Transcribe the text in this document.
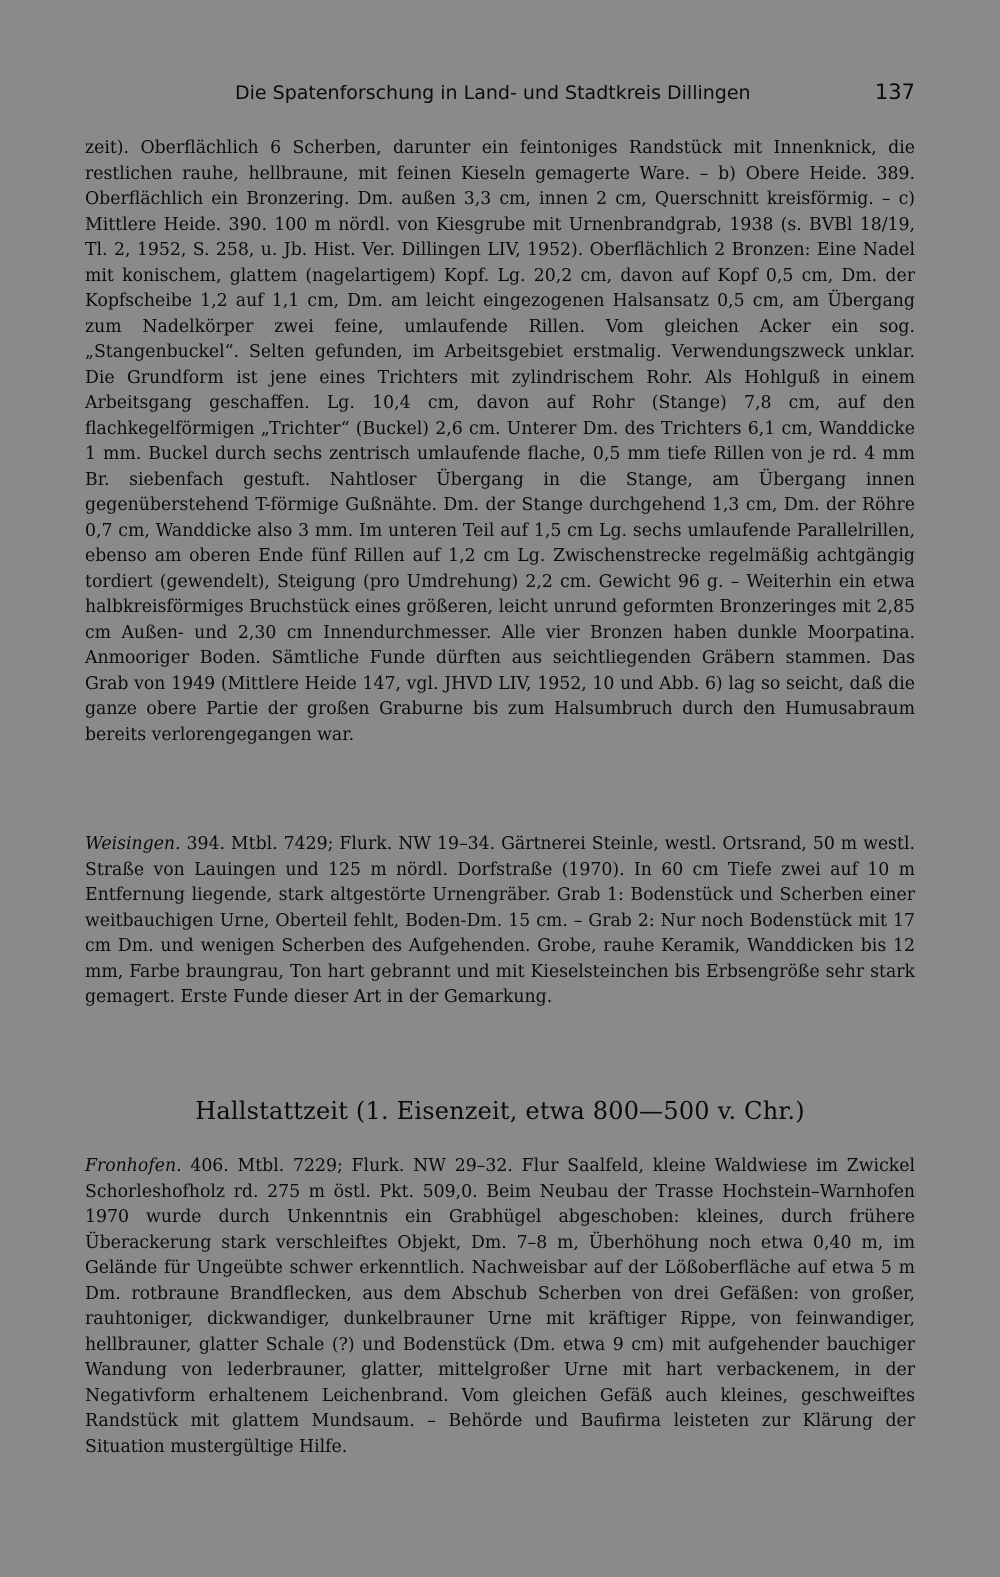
Die Spatenforschung in Land- und Stadtkreis Dillingen	137

zeit). Oberflächlich 6 Scherben, darunter ein feintoniges Randstück mit Innenknick, die restlichen rauhe, hellbraune, mit feinen Kieseln gemagerte Ware. – b) Obere Heide. 389. Oberflächlich ein Bronzering. Dm. außen 3,3 cm, innen 2 cm, Querschnitt kreisförmig. – c) Mittlere Heide. 390. 100 m nördl. von Kiesgrube mit Urnenbrandgrab, 1938 (s. BVBl 18/19, Tl. 2, 1952, S. 258, u. Jb. Hist. Ver. Dillingen LIV, 1952). Oberflächlich 2 Bronzen: Eine Nadel mit konischem, glattem (nagelartigem) Kopf. Lg. 20,2 cm, davon auf Kopf 0,5 cm, Dm. der Kopfscheibe 1,2 auf 1,1 cm, Dm. am leicht eingezogenen Halsansatz 0,5 cm, am Übergang zum Nadelkörper zwei feine, umlaufende Rillen. Vom gleichen Acker ein sog. „Stangenbuckel“. Selten gefunden, im Arbeitsgebiet erstmalig. Verwendungszweck unklar. Die Grundform ist jene eines Trichters mit zylindrischem Rohr. Als Hohlguß in einem Arbeitsgang geschaffen. Lg. 10,4 cm, davon auf Rohr (Stange) 7,8 cm, auf den flachkegelförmigen „Trichter“ (Buckel) 2,6 cm. Unterer Dm. des Trichters 6,1 cm, Wanddicke 1 mm. Buckel durch sechs zentrisch umlaufende flache, 0,5 mm tiefe Rillen von je rd. 4 mm Br. siebenfach gestuft. Nahtloser Übergang in die Stange, am Übergang innen gegenüberstehend T-förmige Gußnähte. Dm. der Stange durchgehend 1,3 cm, Dm. der Röhre 0,7 cm, Wanddicke also 3 mm. Im unteren Teil auf 1,5 cm Lg. sechs umlaufende Parallelrillen, ebenso am oberen Ende fünf Rillen auf 1,2 cm Lg. Zwischenstrecke regelmäßig achtgängig tordiert (gewendelt), Steigung (pro Umdrehung) 2,2 cm. Gewicht 96 g. – Weiterhin ein etwa halbkreisförmiges Bruchstück eines größeren, leicht unrund geformten Bronzeringes mit 2,85 cm Außen- und 2,30 cm Innendurchmesser. Alle vier Bronzen haben dunkle Moorpatina. Anmooriger Boden. Sämtliche Funde dürften aus seichtliegenden Gräbern stammen. Das Grab von 1949 (Mittlere Heide 147, vgl. JHVD LIV, 1952, 10 und Abb. 6) lag so seicht, daß die ganze obere Partie der großen Graburne bis zum Halsumbruch durch den Humusabraum bereits verlorengegangen war.

Weisingen. 394. Mtbl. 7429; Flurk. NW 19–34. Gärtnerei Steinle, westl. Ortsrand, 50 m westl. Straße von Lauingen und 125 m nördl. Dorfstraße (1970). In 60 cm Tiefe zwei auf 10 m Entfernung liegende, stark altgestörte Urnengräber. Grab 1: Bodenstück und Scherben einer weitbauchigen Urne, Oberteil fehlt, Boden-Dm. 15 cm. – Grab 2: Nur noch Bodenstück mit 17 cm Dm. und wenigen Scherben des Aufgehenden. Grobe, rauhe Keramik, Wanddicken bis 12 mm, Farbe braungrau, Ton hart gebrannt und mit Kieselsteinchen bis Erbsengröße sehr stark gemagert. Erste Funde dieser Art in der Gemarkung.

Hallstattzeit (1. Eisenzeit, etwa 800—500 v. Chr.)

Fronhofen. 406. Mtbl. 7229; Flurk. NW 29–32. Flur Saalfeld, kleine Waldwiese im Zwickel Schorleshofholz rd. 275 m östl. Pkt. 509,0. Beim Neubau der Trasse Hochstein–Warnhofen 1970 wurde durch Unkenntnis ein Grabhügel abgeschoben: kleines, durch frühere Überackerung stark verschleiftes Objekt, Dm. 7–8 m, Überhöhung noch etwa 0,40 m, im Gelände für Ungeübte schwer erkenntlich. Nachweisbar auf der Lößoberfläche auf etwa 5 m Dm. rotbraune Brandflecken, aus dem Abschub Scherben von drei Gefäßen: von großer, rauhtoniger, dickwandiger, dunkelbrauner Urne mit kräftiger Rippe, von feinwandiger, hellbrauner, glatter Schale (?) und Bodenstück (Dm. etwa 9 cm) mit aufgehender bauchiger Wandung von lederbrauner, glatter, mittelgroßer Urne mit hart verbackenem, in der Negativform erhaltenem Leichenbrand. Vom gleichen Gefäß auch kleines, geschweiftes Randstück mit glattem Mundsaum. – Behörde und Baufirma leisteten zur Klärung der Situation mustergültige Hilfe.
